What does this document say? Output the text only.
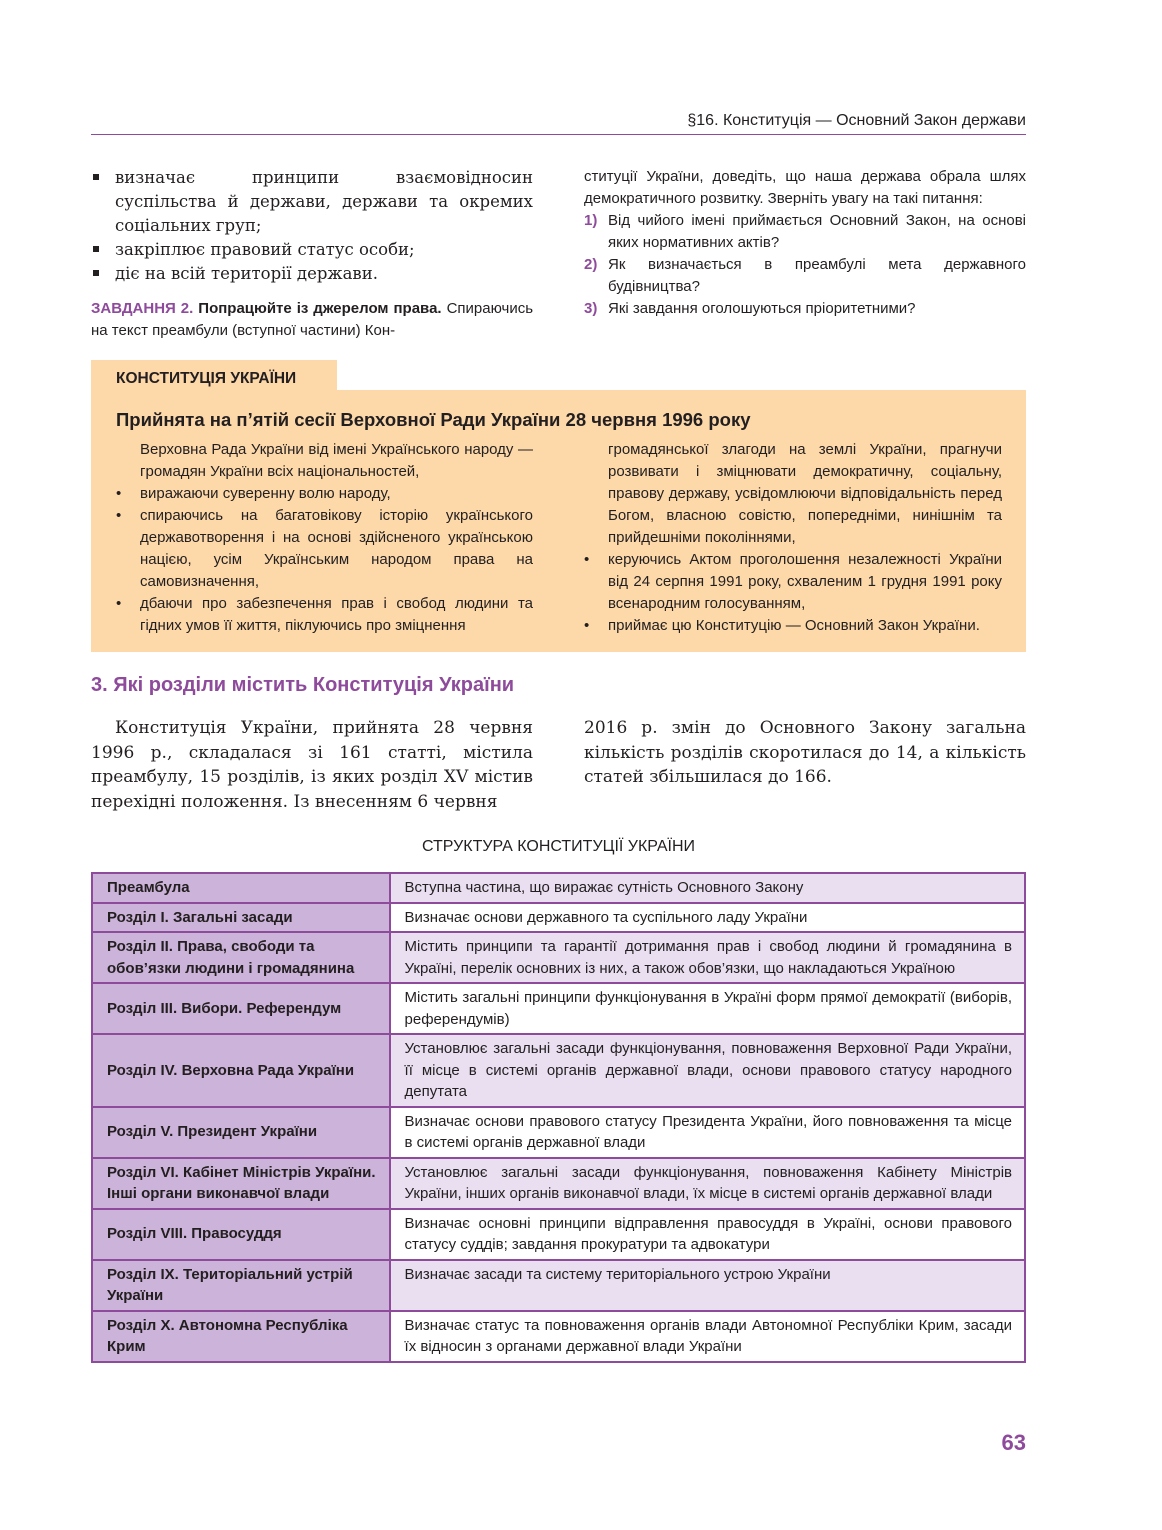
§16. Конституція — Основний Закон держави
визначає принципи взаємовідносин суспільства й держави, держави та окремих соціальних груп;
закріплює правовий статус особи;
діє на всій території держави.
ЗАВДАННЯ 2. Попрацюйте із джерелом права. Спираючись на текст преамбули (вступної частини) Кон-
ституції України, доведіть, що наша держава обрала шлях демократичного розвитку. Зверніть увагу на такі питання:
1) Від чийого імені приймається Основний Закон, на основі яких нормативних актів?
2) Як визначається в преамбулі мета державного будівництва?
3) Які завдання оголошуються пріоритетними?
КОНСТИТУЦІЯ УКРАЇНИ
Прийнята на п’ятій сесії Верховної Ради України 28 червня 1996 року
Верховна Рада України від імені Українського народу — громадян України всіх національностей,
• виражаючи суверенну волю народу,
• спираючись на багатовікову історію українського державотворення і на основі здійсненого українською нацією, усім Українським народом права на самовизначення,
• дбаючи про забезпечення прав і свобод людини та гідних умов її життя, піклуючись про зміцнення
громадянської злагоди на землі України, прагнучи розвивати і зміцнювати демократичну, соціальну, правову державу, усвідомлюючи відповідальність перед Богом, власною совістю, попередніми, нинішнім та прийдешніми поколіннями,
• керуючись Актом проголошення незалежності України від 24 серпня 1991 року, схваленим 1 грудня 1991 року всенародним голосуванням,
• приймає цю Конституцію — Основний Закон України.
3. Які розділи містить Конституція України
Конституція України, прийнята 28 червня 1996 р., складалася зі 161 статті, містила преамбулу, 15 розділів, із яких розділ XV містив перехідні положення. Із внесенням 6 червня
2016 р. змін до Основного Закону загальна кількість розділів скоротилася до 14, а кількість статей збільшилася до 166.
СТРУКТУРА КОНСТИТУЦІЇ УКРАЇНИ
Преамбула	Вступна частина, що виражає сутність Основного Закону
Розділ I. Загальні засади	Визначає основи державного та суспільного ладу України
Розділ II. Права, свободи та обов’язки людини і громадянина	Містить принципи та гарантії дотримання прав і свобод людини й громадянина в Україні, перелік основних із них, а також обов’язки, що накладаються Україною
Розділ III. Вибори. Референдум	Містить загальні принципи функціонування в Україні форм прямої демократії (виборів, референдумів)
Розділ IV. Верховна Рада України	Установлює загальні засади функціонування, повноваження Верховної Ради України, її місце в системі органів державної влади, основи правового статусу народного депутата
Розділ V. Президент України	Визначає основи правового статусу Президента України, його повноваження та місце в системі органів державної влади
Розділ VI. Кабінет Міністрів України. Інші органи виконавчої влади	Установлює загальні засади функціонування, повноваження Кабінету Міністрів України, інших органів виконавчої влади, їх місце в системі органів державної влади
Розділ VIII. Правосуддя	Визначає основні принципи відправлення правосуддя в Україні, основи правового статусу суддів; завдання прокуратури та адвокатури
Розділ IX. Територіальний устрій України	Визначає засади та систему територіального устрою України
Розділ X. Автономна Республіка Крим	Визначає статус та повноваження органів влади Автономної Республіки Крим, засади їх відносин з органами державної влади України
63
